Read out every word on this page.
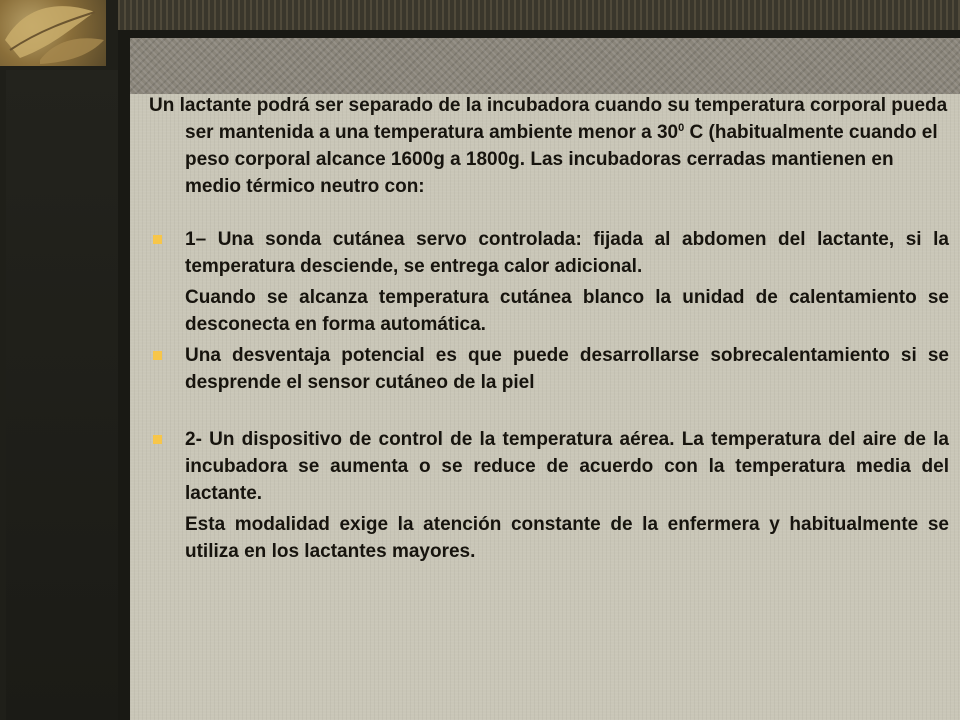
Un lactante podrá ser separado de la incubadora cuando su temperatura corporal pueda ser mantenida a una temperatura ambiente menor a $30^0$ C (habitualmente cuando el peso corporal alcance 1600g a 1800g. Las incubadoras cerradas mantienen en medio térmico neutro con:

1– Una sonda cutánea servo controlada: fijada al abdomen del lactante, si la temperatura desciende, se entrega calor adicional.

Cuando se alcanza temperatura cutánea blanco la unidad de calentamiento se desconecta en forma automática.

Una desventaja potencial es que puede desarrollarse sobrecalentamiento si se desprende el sensor cutáneo de la piel

2- Un dispositivo de control de la temperatura aérea. La temperatura del aire de la incubadora se aumenta o se reduce de acuerdo con la temperatura media del lactante.

Esta modalidad exige la atención constante de la enfermera y habitualmente se utiliza en los lactantes mayores.
